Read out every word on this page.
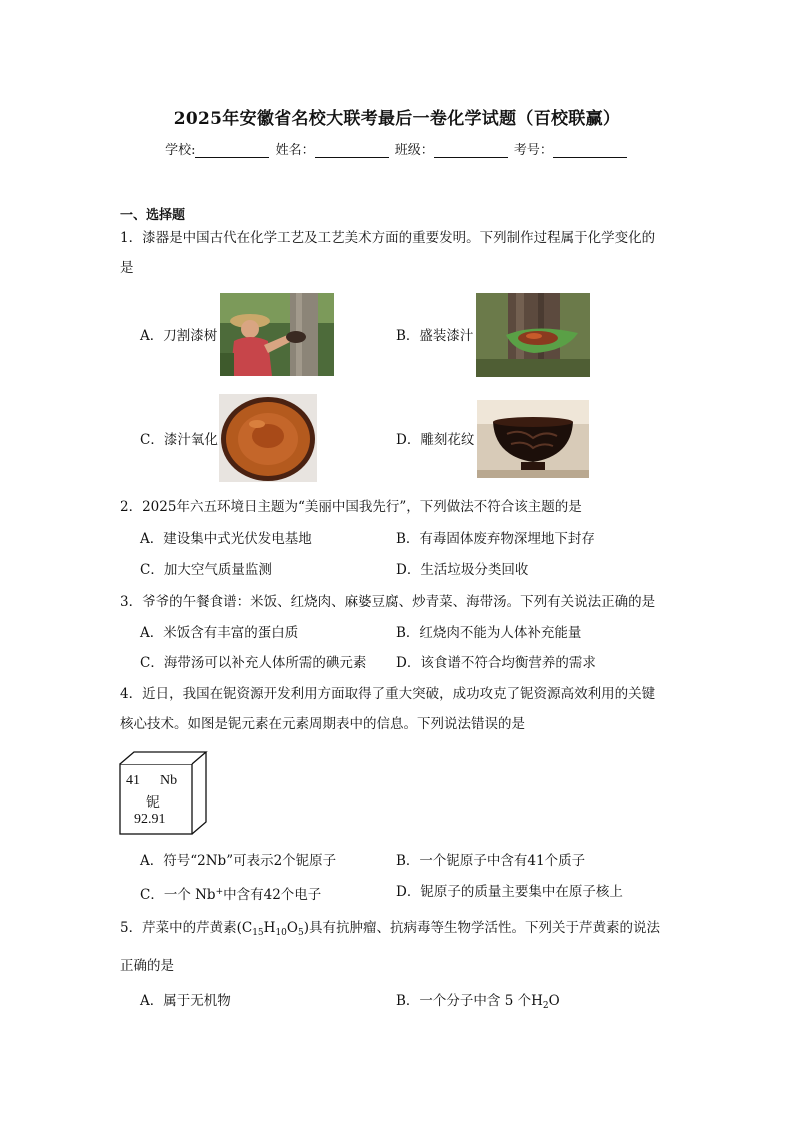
2025年安徽省名校大联考最后一卷化学试题（百校联赢）
学校:	姓名：	班级：	考号：
一、选择题
1．漆器是中国古代在化学工艺及工艺美术方面的重要发明。下列制作过程属于化学变化的
是
A．刀割漆树	B．盛装漆汁
C．漆汁氧化	D．雕刻花纹
2．2025年六五环境日主题为“美丽中国我先行”，下列做法不符合该主题的是
A．建设集中式光伏发电基地	B．有毒固体废弃物深埋地下封存
C．加大空气质量监测	D．生活垃圾分类回收
3．爷爷的午餐食谱：米饭、红烧肉、麻婆豆腐、炒青菜、海带汤。下列有关说法正确的是
A．米饭含有丰富的蛋白质	B．红烧肉不能为人体补充能量
C．海带汤可以补充人体所需的碘元素 D．该食谱不符合均衡营养的需求
4．近日，我国在铌资源开发利用方面取得了重大突破，成功攻克了铌资源高效利用的关键
核心技术。如图是铌元素在元素周期表中的信息。下列说法错误的是
41 Nb
铌
92.91
A．符号“2Nb”可表示2个铌原子	B．一个铌原子中含有41个质子
C．一个 Nb+中含有42个电子	D．铌原子的质量主要集中在原子核上
5．芹菜中的芹黄素$(C_{15}H_{10}O_5)$具有抗肿瘤、抗病毒等生物学活性。下列关于芹黄素的说法
正确的是
A．属于无机物	B．一个分子中含 5 个$H_2O$
